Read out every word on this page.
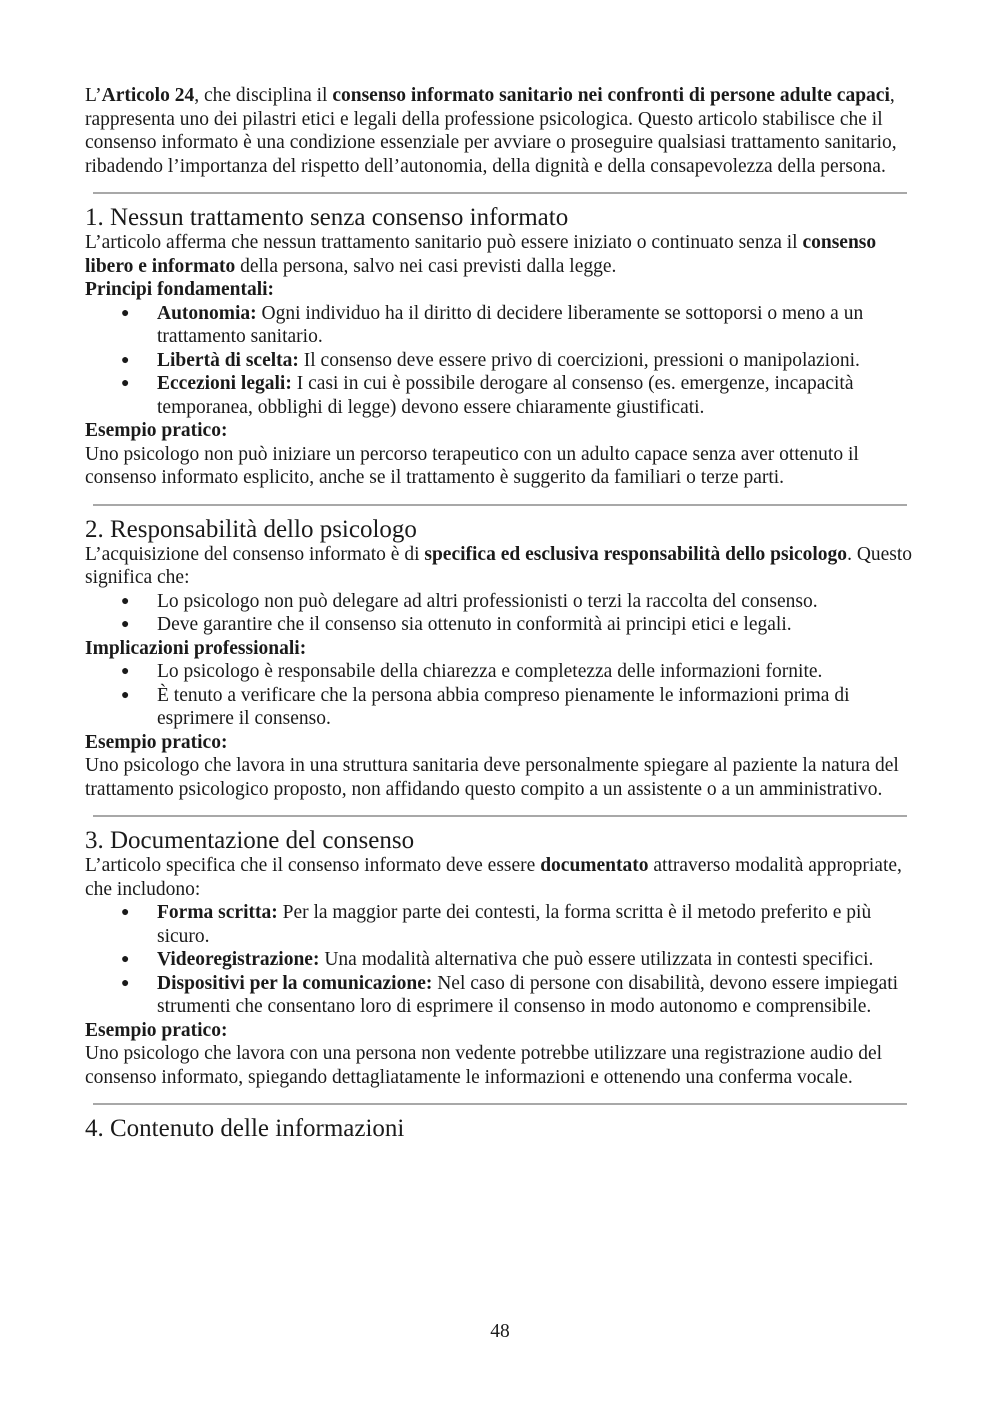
L’Articolo 24, che disciplina il consenso informato sanitario nei confronti di persone adulte capaci, rappresenta uno dei pilastri etici e legali della professione psicologica. Questo articolo stabilisce che il consenso informato è una condizione essenziale per avviare o proseguire qualsiasi trattamento sanitario, ribadendo l’importanza del rispetto dell’autonomia, della dignità e della consapevolezza della persona.

1. Nessun trattamento senza consenso informato

L’articolo afferma che nessun trattamento sanitario può essere iniziato o continuato senza il consenso libero e informato della persona, salvo nei casi previsti dalla legge.

Principi fondamentali:

● Autonomia: Ogni individuo ha il diritto di decidere liberamente se sottoporsi o meno a un trattamento sanitario.
● Libertà di scelta: Il consenso deve essere privo di coercizioni, pressioni o manipolazioni.
● Eccezioni legali: I casi in cui è possibile derogare al consenso (es. emergenze, incapacità temporanea, obblighi di legge) devono essere chiaramente giustificati.

Esempio pratico:

Uno psicologo non può iniziare un percorso terapeutico con un adulto capace senza aver ottenuto il consenso informato esplicito, anche se il trattamento è suggerito da familiari o terze parti.

2. Responsabilità dello psicologo

L’acquisizione del consenso informato è di specifica ed esclusiva responsabilità dello psicologo. Questo significa che:

● Lo psicologo non può delegare ad altri professionisti o terzi la raccolta del consenso.
● Deve garantire che il consenso sia ottenuto in conformità ai principi etici e legali.

Implicazioni professionali:

● Lo psicologo è responsabile della chiarezza e completezza delle informazioni fornite.
● È tenuto a verificare che la persona abbia compreso pienamente le informazioni prima di esprimere il consenso.

Esempio pratico:

Uno psicologo che lavora in una struttura sanitaria deve personalmente spiegare al paziente la natura del trattamento psicologico proposto, non affidando questo compito a un assistente o a un amministrativo.

3. Documentazione del consenso

L’articolo specifica che il consenso informato deve essere documentato attraverso modalità appropriate, che includono:

● Forma scritta: Per la maggior parte dei contesti, la forma scritta è il metodo preferito e più sicuro.
● Videoregistrazione: Una modalità alternativa che può essere utilizzata in contesti specifici.
● Dispositivi per la comunicazione: Nel caso di persone con disabilità, devono essere impiegati strumenti che consentano loro di esprimere il consenso in modo autonomo e comprensibile.

Esempio pratico:

Uno psicologo che lavora con una persona non vedente potrebbe utilizzare una registrazione audio del consenso informato, spiegando dettagliatamente le informazioni e ottenendo una conferma vocale.

4. Contenuto delle informazioni
48
